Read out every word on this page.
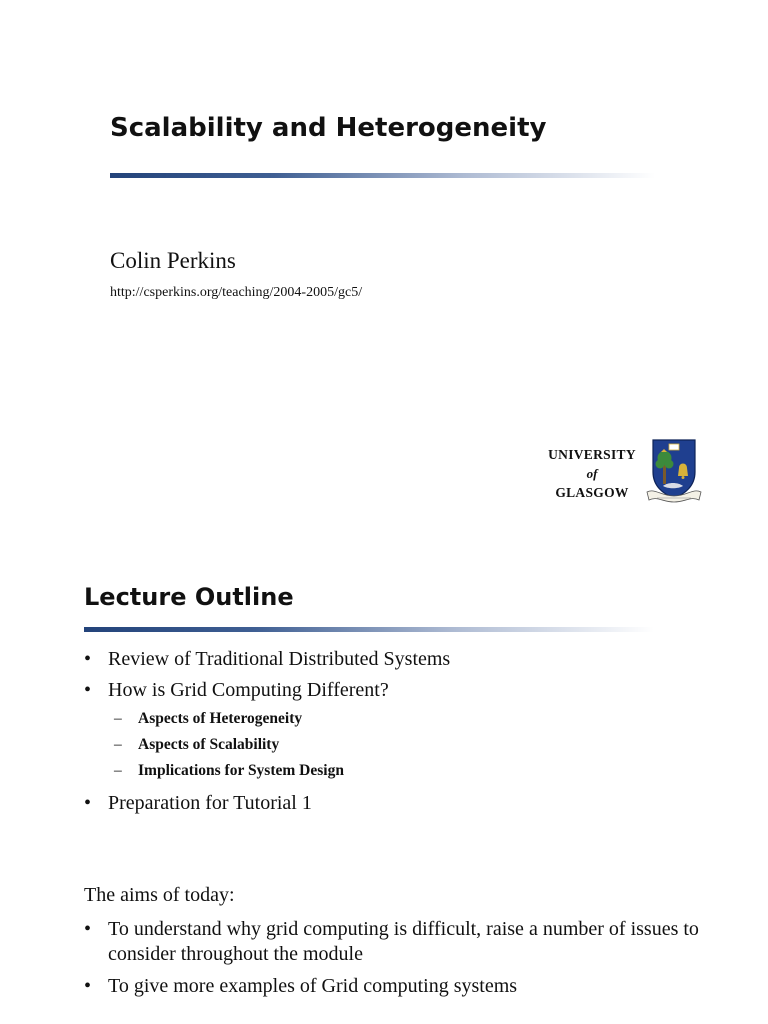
Scalability and Heterogeneity
Colin Perkins
http://csperkins.org/teaching/2004-2005/gc5/
UNIVERSITY
of
GLASGOW
Lecture Outline
• Review of Traditional Distributed Systems
• How is Grid Computing Different?
– Aspects of Heterogeneity
– Aspects of Scalability
– Implications for System Design
• Preparation for Tutorial 1
The aims of today:
• To understand why grid computing is difficult, raise a number of issues to consider throughout the module
• To give more examples of Grid computing systems
